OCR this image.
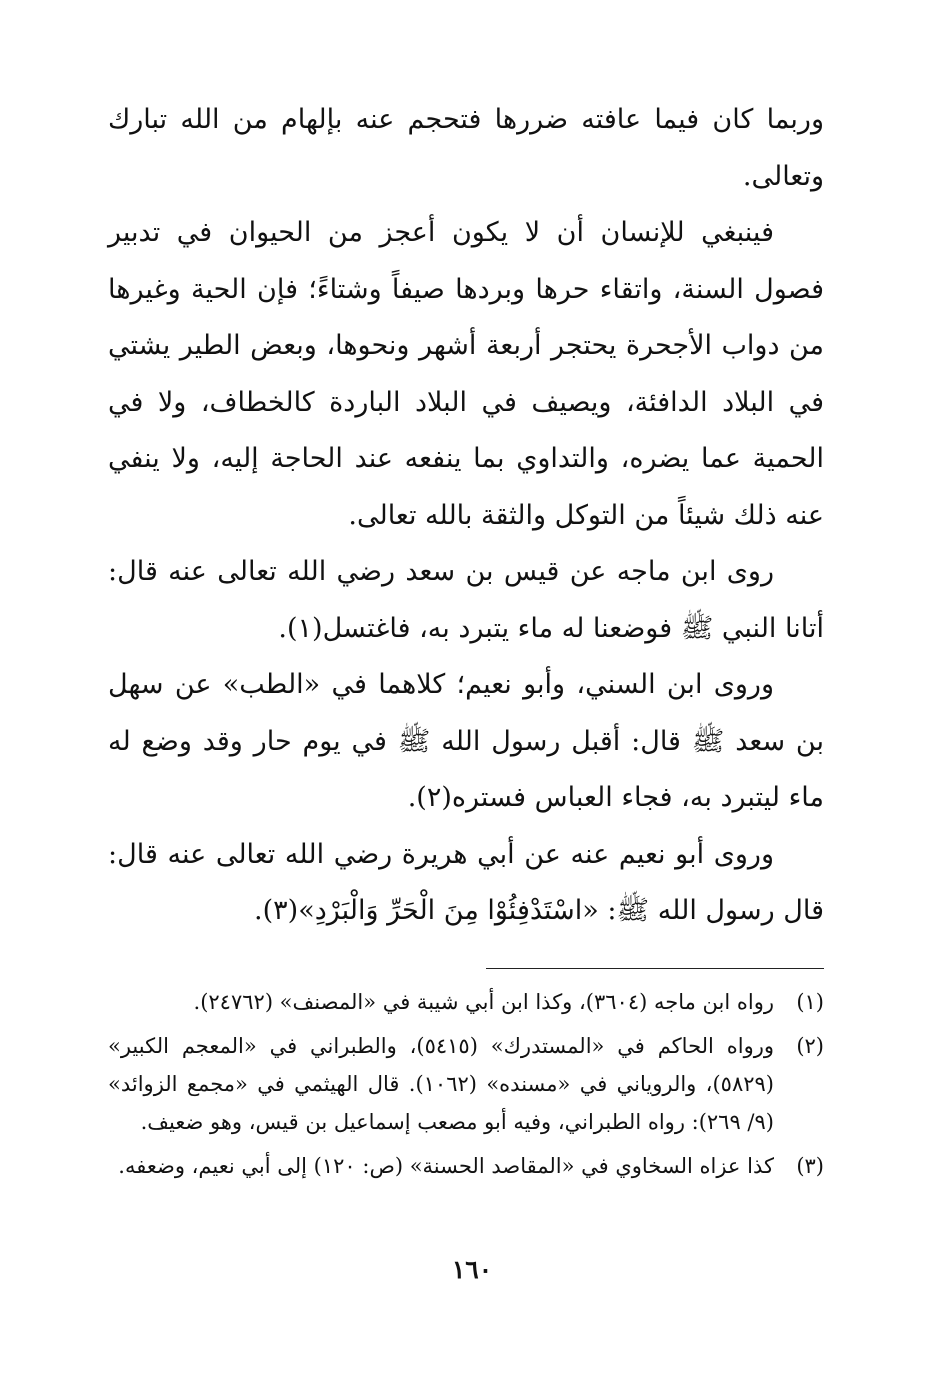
وربما كان فيما عافته ضررها فتحجم عنه بإلهام من الله تبارك وتعالى.

فينبغي للإنسان أن لا يكون أعجز من الحيوان في تدبير فصول السنة، واتقاء حرها وبردها صيفاً وشتاءً؛ فإن الحية وغيرها من دواب الأجحرة يحتجر أربعة أشهر ونحوها، وبعض الطير يشتي في البلاد الدافئة، ويصيف في البلاد الباردة كالخطاف، ولا في الحمية عما يضره، والتداوي بما ينفعه عند الحاجة إليه، ولا ينفي عنه ذلك شيئاً من التوكل والثقة بالله تعالى.

روى ابن ماجه عن قيس بن سعد رضي الله تعالى عنه قال: أتانا النبي ﷺ فوضعنا له ماء يتبرد به، فاغتسل(١).

وروى ابن السني، وأبو نعيم؛ كلاهما في «الطب» عن سهل بن سعد ﷺ قال: أقبل رسول الله ﷺ في يوم حار وقد وضع له ماء ليتبرد به، فجاء العباس فستره(٢).

وروى أبو نعيم عنه عن أبي هريرة رضي الله تعالى عنه قال: قال رسول الله ﷺ: «اسْتَدْفِئُوْا مِنَ الْحَرِّ وَالْبَرْدِ»(٣).

(١)
رواه ابن ماجه (٣٦٠٤)، وكذا ابن أبي شيبة في «المصنف» (٢٤٧٦٢).
(٢)
ورواه الحاكم في «المستدرك» (٥٤١٥)، والطبراني في «المعجم الكبير» (٥٨٢٩)، والروياني في «مسنده» (١٠٦٢). قال الهيثمي في «مجمع الزوائد» (٩/ ٢٦٩): رواه الطبراني، وفيه أبو مصعب إسماعيل بن قيس، وهو ضعيف.
(٣)
كذا عزاه السخاوي في «المقاصد الحسنة» (ص: ١٢٠) إلى أبي نعيم، وضعفه.
١٦٠
